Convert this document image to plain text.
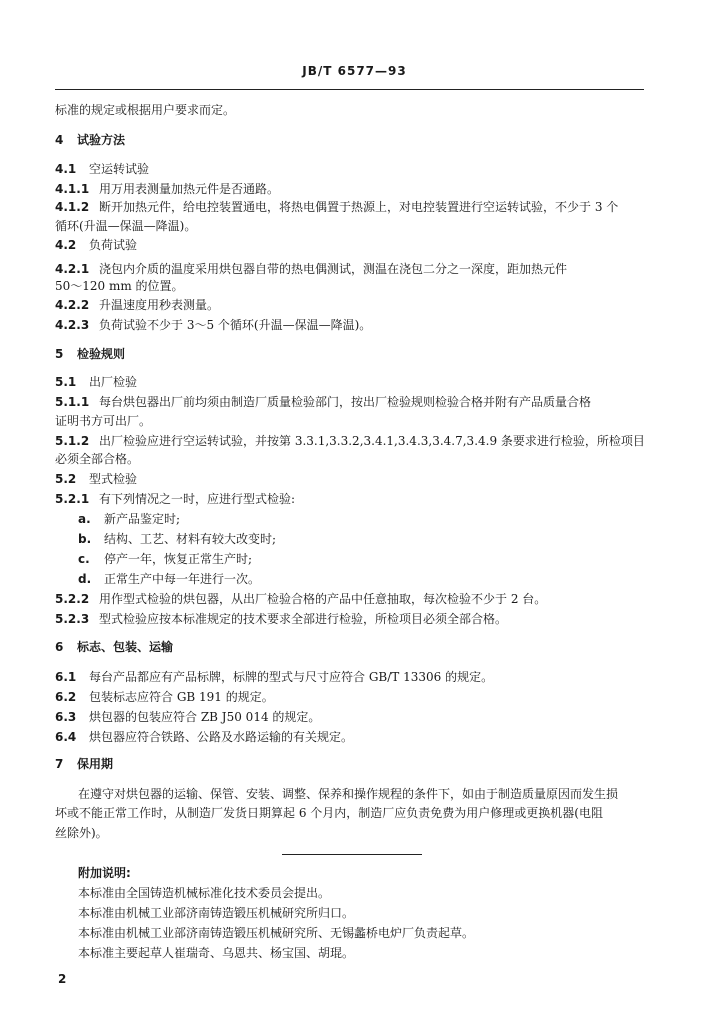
JB/T 6577—93
标准的规定或根据用户要求而定。
4 试验方法
4.1 空运转试验
4.1.1 用万用表测量加热元件是否通路。
4.1.2 断开加热元件，给电控装置通电，将热电偶置于热源上，对电控装置进行空运转试验，不少于 3 个
循环(升温—保温—降温)。
4.2 负荷试验
4.2.1 浇包内介质的温度采用烘包器自带的热电偶测试，测温在浇包二分之一深度，距加热元件
50～120 mm 的位置。
4.2.2 升温速度用秒表测量。
4.2.3 负荷试验不少于 3～5 个循环(升温—保温—降温)。
5 检验规则
5.1 出厂检验
5.1.1 每台烘包器出厂前均须由制造厂质量检验部门，按出厂检验规则检验合格并附有产品质量合格
证明书方可出厂。
5.1.2 出厂检验应进行空运转试验，并按第 3.3.1,3.3.2,3.4.1,3.4.3,3.4.7,3.4.9 条要求进行检验，所检项目
必须全部合格。
5.2 型式检验
5.2.1 有下列情况之一时，应进行型式检验:
a. 新产品鉴定时;
b. 结构、工艺、材料有较大改变时;
c. 停产一年，恢复正常生产时;
d. 正常生产中每一年进行一次。
5.2.2 用作型式检验的烘包器，从出厂检验合格的产品中任意抽取，每次检验不少于 2 台。
5.2.3 型式检验应按本标准规定的技术要求全部进行检验，所检项目必须全部合格。
6 标志、包装、运输
6.1 每台产品都应有产品标牌，标牌的型式与尺寸应符合 GB/T 13306 的规定。
6.2 包装标志应符合 GB 191 的规定。
6.3 烘包器的包装应符合 ZB J50 014 的规定。
6.4 烘包器应符合铁路、公路及水路运输的有关规定。
7 保用期
在遵守对烘包器的运输、保管、安装、调整、保养和操作规程的条件下，如由于制造质量原因而发生损
坏或不能正常工作时，从制造厂发货日期算起 6 个月内，制造厂应负责免费为用户修理或更换机器(电阻
丝除外)。
附加说明:
本标准由全国铸造机械标准化技术委员会提出。
本标准由机械工业部济南铸造锻压机械研究所归口。
本标准由机械工业部济南铸造锻压机械研究所、无锡蠡桥电炉厂负责起草。
本标准主要起草人崔瑞奇、乌恩共、杨宝国、胡琨。
2
